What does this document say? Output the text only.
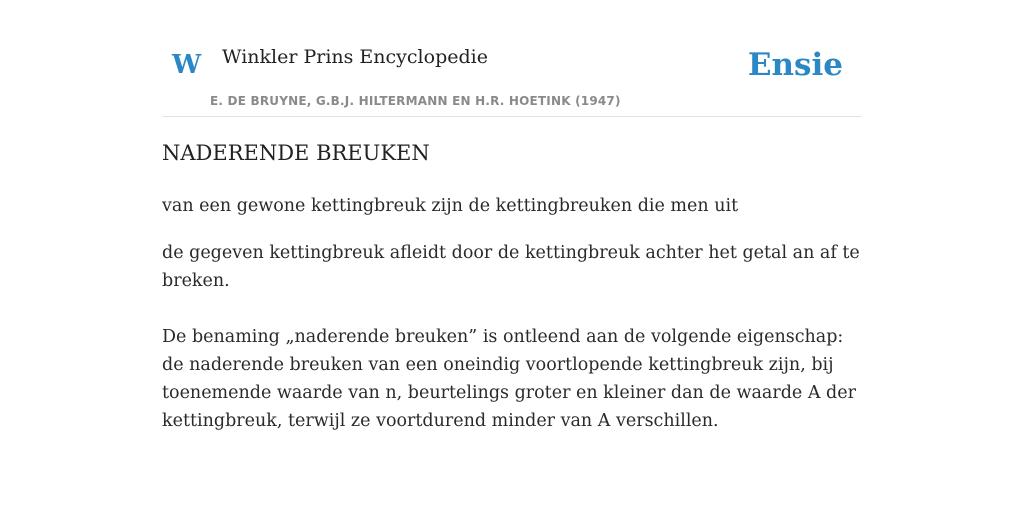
W Winkler Prins Encyclopedie
E. DE BRUYNE, G.B.J. HILTERMANN EN H.R. HOETINK (1947)
Ensie
NADERENDE BREUKEN

van een gewone kettingbreuk zijn de kettingbreuken die men uit

de gegeven kettingbreuk afleidt door de kettingbreuk achter het getal an af te breken.

De benaming „naderende breuken” is ontleend aan de volgende eigenschap: de naderende breuken van een oneindig voortlopende kettingbreuk zijn, bij toenemende waarde van n, beurtelings groter en kleiner dan de waarde A der kettingbreuk, terwijl ze voortdurend minder van A verschillen.
